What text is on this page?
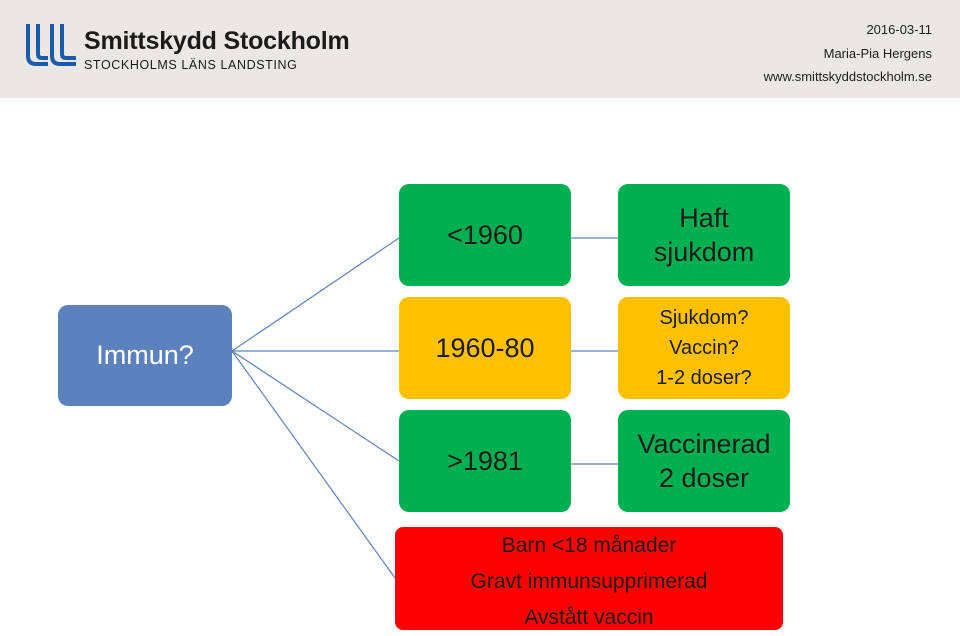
Smittskydd Stockholm
STOCKHOLMS LÄNS LANDSTING
2016-03-11
Maria-Pia Hergens
www.smittskyddstockholm.se
Immun?
<1960
1960-80
>1981
Haft
sjukdom
Sjukdom?
Vaccin?
1-2 doser?
Vaccinerad
2 doser
Barn <18 månader
Gravt immunsupprimerad
Avstått vaccin
